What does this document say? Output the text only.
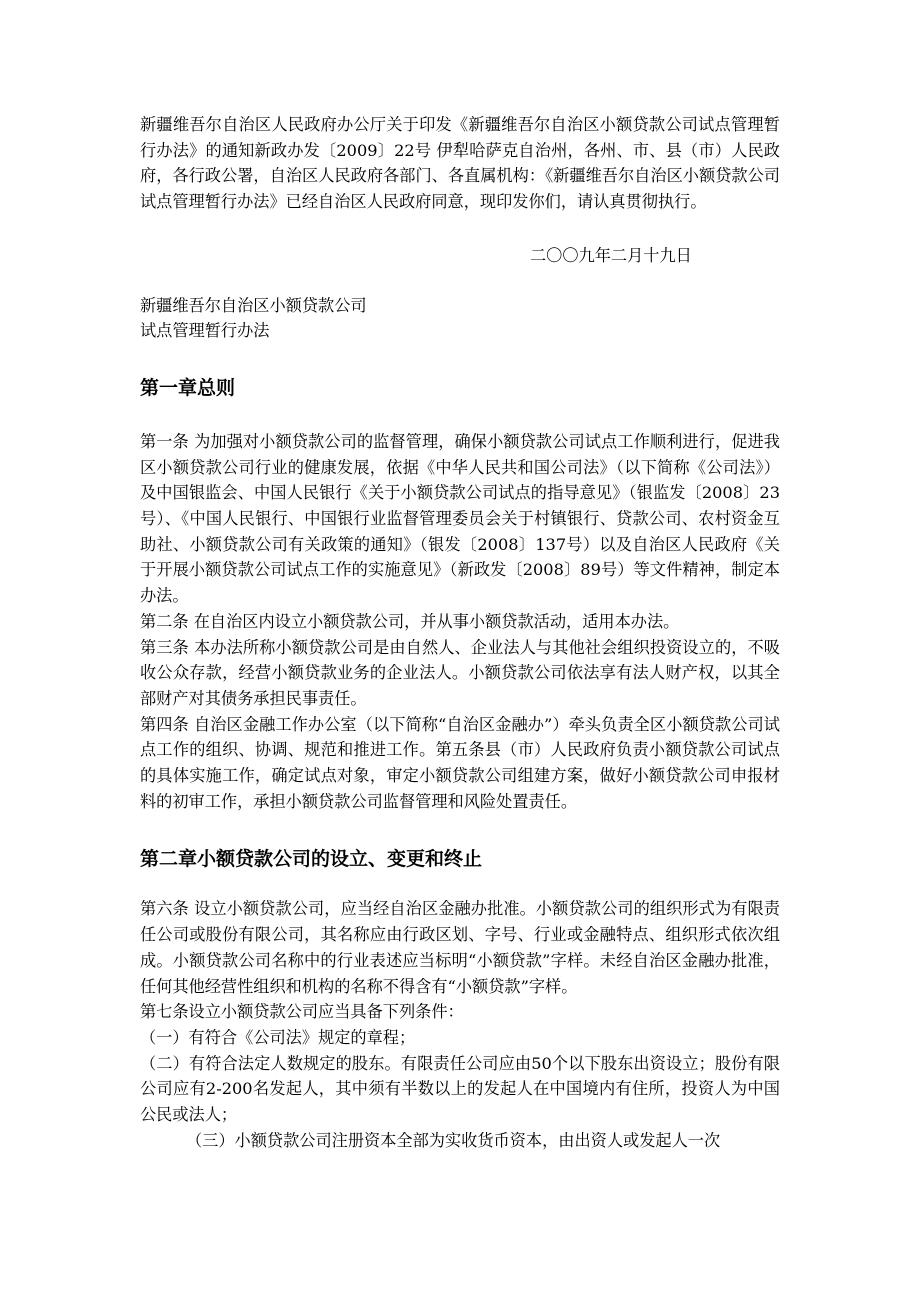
新疆维吾尔自治区人民政府办公厅关于印发《新疆维吾尔自治区小额贷款公司试点管理暂行办法》的通知新政办发〔2009〕22号 伊犁哈萨克自治州，各州、市、县（市）人民政府，各行政公署，自治区人民政府各部门、各直属机构：《新疆维吾尔自治区小额贷款公司试点管理暂行办法》已经自治区人民政府同意，现印发你们，请认真贯彻执行。

二〇〇九年二月十九日

新疆维吾尔自治区小额贷款公司

试点管理暂行办法

第一章总则

第一条 为加强对小额贷款公司的监督管理，确保小额贷款公司试点工作顺利进行，促进我区小额贷款公司行业的健康发展，依据《中华人民共和国公司法》（以下简称《公司法》）及中国银监会、中国人民银行《关于小额贷款公司试点的指导意见》（银监发〔2008〕23号）、《中国人民银行、中国银行业监督管理委员会关于村镇银行、贷款公司、农村资金互助社、小额贷款公司有关政策的通知》（银发〔2008〕137号）以及自治区人民政府《关于开展小额贷款公司试点工作的实施意见》（新政发〔2008〕89号）等文件精神，制定本办法。

第二条 在自治区内设立小额贷款公司，并从事小额贷款活动，适用本办法。

第三条 本办法所称小额贷款公司是由自然人、企业法人与其他社会组织投资设立的，不吸收公众存款，经营小额贷款业务的企业法人。小额贷款公司依法享有法人财产权，以其全部财产对其债务承担民事责任。

第四条 自治区金融工作办公室（以下简称“自治区金融办”）牵头负责全区小额贷款公司试点工作的组织、协调、规范和推进工作。第五条县（市）人民政府负责小额贷款公司试点的具体实施工作，确定试点对象，审定小额贷款公司组建方案，做好小额贷款公司申报材料的初审工作，承担小额贷款公司监督管理和风险处置责任。

第二章小额贷款公司的设立、变更和终止

第六条 设立小额贷款公司，应当经自治区金融办批准。小额贷款公司的组织形式为有限责任公司或股份有限公司，其名称应由行政区划、字号、行业或金融特点、组织形式依次组成。小额贷款公司名称中的行业表述应当标明“小额贷款”字样。未经自治区金融办批准，任何其他经营性组织和机构的名称不得含有“小额贷款”字样。

第七条设立小额贷款公司应当具备下列条件：

（一）有符合《公司法》规定的章程；

（二）有符合法定人数规定的股东。有限责任公司应由50个以下股东出资设立；股份有限公司应有2-200名发起人，其中须有半数以上的发起人在中国境内有住所，投资人为中国公民或法人；

（三）小额贷款公司注册资本全部为实收货币资本，由出资人或发起人一次
